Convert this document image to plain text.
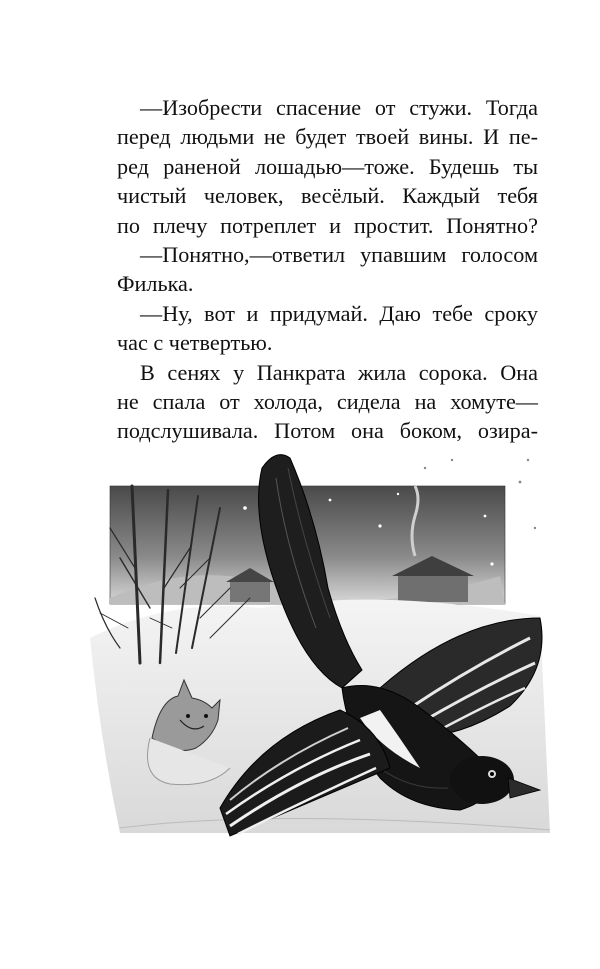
—Изобрести спасение от стужи. Тогда
перед людьми не будет твоей вины. И пе-
ред раненой лошадью—тоже. Будешь ты
чистый человек, весёлый. Каждый тебя
по плечу потреплет и простит. Понятно?
—Понятно,—ответил упавшим голосом
Филька.
—Ну, вот и придумай. Даю тебе сроку
час с четвертью.
В сенях у Панкрата жила сорока. Она
не спала от холода, сидела на хомуте—
подслушивала. Потом она боком, озира-
